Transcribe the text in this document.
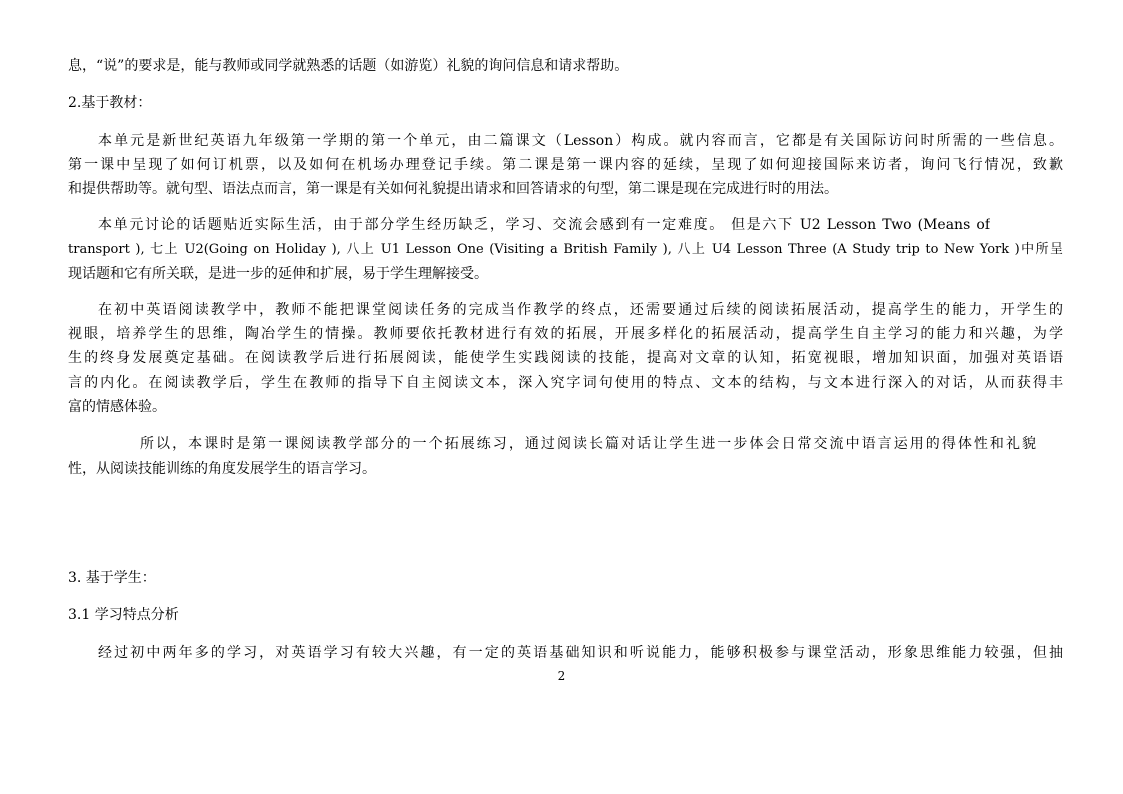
息，“说”的要求是，能与教师或同学就熟悉的话题（如游览）礼貌的询问信息和请求帮助。
2.基于教材：
本单元是新世纪英语九年级第一学期的第一个单元，由二篇课文（Lesson）构成。就内容而言，它都是有关国际访问时所需的一些信息。
第一课中呈现了如何订机票，以及如何在机场办理登记手续。第二课是第一课内容的延续，呈现了如何迎接国际来访者，询问飞行情况，致歉
和提供帮助等。就句型、语法点而言，第一课是有关如何礼貌提出请求和回答请求的句型，第二课是现在完成进行时的用法。
本单元讨论的话题贴近实际生活，由于部分学生经历缺乏，学习、交流会感到有一定难度。 但是六下 U2 Lesson Two (Means of
transport ), 七上 U2(Going on Holiday ), 八上 U1 Lesson One (Visiting a British Family ), 八上 U4 Lesson Three (A Study trip to New York )中所呈
现话题和它有所关联，是进一步的延伸和扩展，易于学生理解接受。
在初中英语阅读教学中，教师不能把课堂阅读任务的完成当作教学的终点，还需要通过后续的阅读拓展活动，提高学生的能力，开学生的
视眼，培养学生的思维，陶冶学生的情操。教师要依托教材进行有效的拓展，开展多样化的拓展活动，提高学生自主学习的能力和兴趣，为学
生的终身发展奠定基础。在阅读教学后进行拓展阅读，能使学生实践阅读的技能，提高对文章的认知，拓宽视眼，增加知识面，加强对英语语
言的内化。在阅读教学后，学生在教师的指导下自主阅读文本，深入究字词句使用的特点、文本的结构，与文本进行深入的对话，从而获得丰
富的情感体验。
所以，本课时是第一课阅读教学部分的一个拓展练习，通过阅读长篇对话让学生进一步体会日常交流中语言运用的得体性和礼貌
性，从阅读技能训练的角度发展学生的语言学习。
3. 基于学生：
3.1 学习特点分析
经过初中两年多的学习，对英语学习有较大兴趣，有一定的英语基础知识和听说能力，能够积极参与课堂活动，形象思维能力较强，但抽
2
